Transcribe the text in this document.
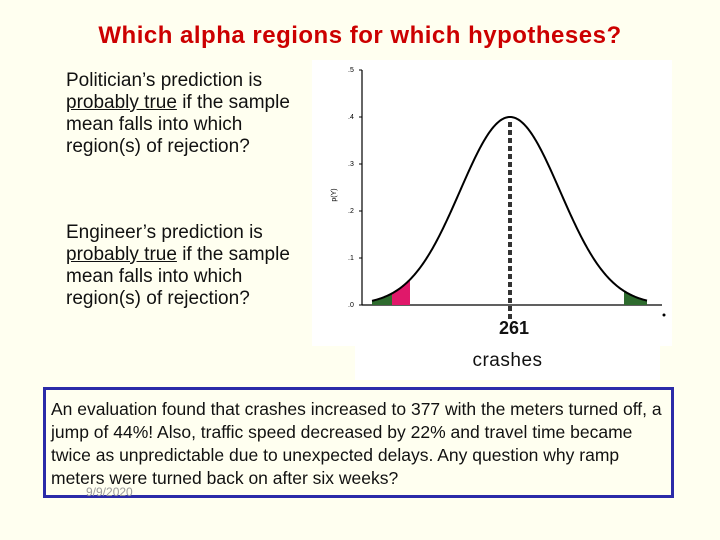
Which alpha regions for which hypotheses?
Politician’s prediction is probably true if the sample mean falls into which region(s) of rejection?
Engineer’s prediction is probably true if the sample mean falls into which region(s) of rejection?
p(Y)
.0
.1
.2
.3
.4
.5
261
crashes
An evaluation found that crashes increased to 377 with the meters turned off, a jump of 44%! Also, traffic speed decreased by 22% and travel time became twice as unpredictable due to unexpected delays. Any question why ramp meters were turned back on after six weeks?
9/9/2020
